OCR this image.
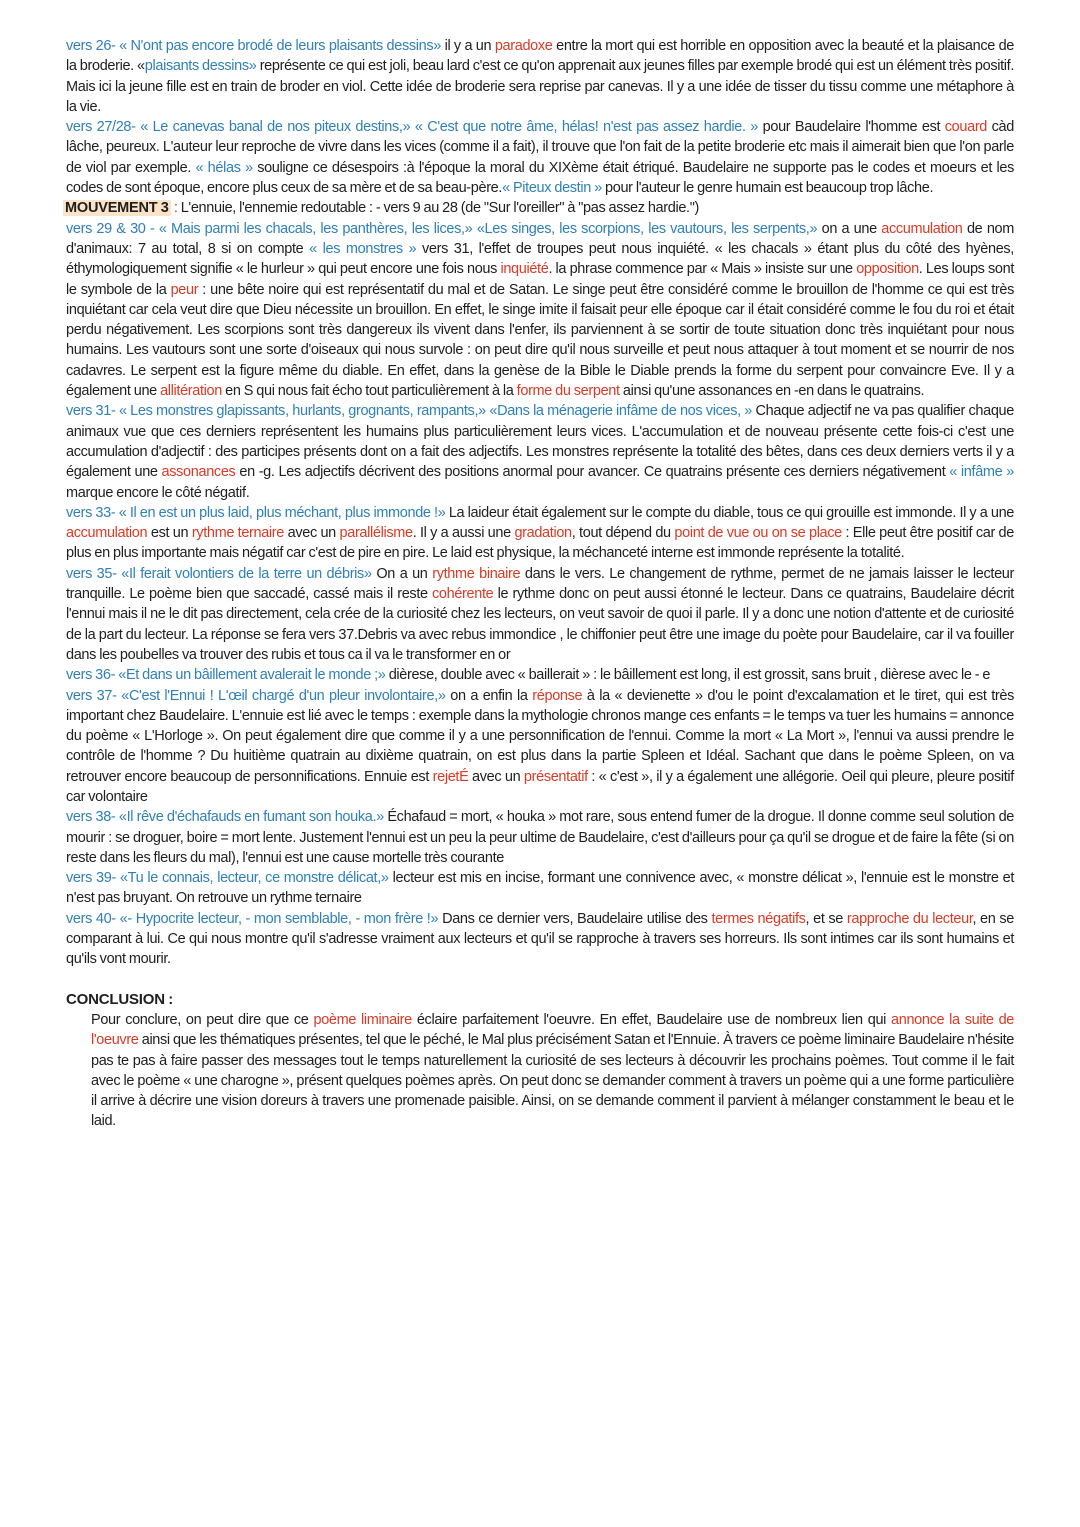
vers 26- « N'ont pas encore brodé de leurs plaisants dessins» il y a un paradoxe entre la mort qui est horrible en opposition avec la beauté et la plaisance de la broderie. «plaisants dessins» représente ce qui est joli, beau lard c'est ce qu'on apprenait aux jeunes filles par exemple brodé qui est un élément très positif. Mais ici la jeune fille est en train de broder en viol. Cette idée de broderie sera reprise par canevas. Il y a une idée de tisser du tissu comme une métaphore à la vie.

vers 27/28- « Le canevas banal de nos piteux destins,» « C'est que notre âme, hélas! n'est pas assez hardie. » pour Baudelaire l'homme est couard càd lâche, peureux. L'auteur leur reproche de vivre dans les vices (comme il a fait), il trouve que l'on fait de la petite broderie etc mais il aimerait bien que l'on parle de viol par exemple. « hélas » souligne ce désespoirs :à l'époque la moral du XIXème était étriqué. Baudelaire ne supporte pas le codes et moeurs et les codes de sont époque, encore plus ceux de sa mère et de sa beau-père.« Piteux destin » pour l'auteur le genre humain est beaucoup trop lâche.

MOUVEMENT 3 : L'ennuie, l'ennemie redoutable : - vers 9 au 28 (de "Sur l'oreiller" à "pas assez hardie.")

vers 29 & 30 - « Mais parmi les chacals, les panthères, les lices,» «Les singes, les scorpions, les vautours, les serpents,» on a une accumulation de nom d'animaux: 7 au total, 8 si on compte « les monstres » vers 31, l'effet de troupes peut nous inquiété. « les chacals » étant plus du côté des hyènes, éthymologiquement signifie « le hurleur » qui peut encore une fois nous inquiété. la phrase commence par « Mais » insiste sur une opposition. Les loups sont le symbole de la peur : une bête noire qui est représentatif du mal et de Satan. Le singe peut être considéré comme le brouillon de l'homme ce qui est très inquiétant car cela veut dire que Dieu nécessite un brouillon. En effet, le singe imite il faisait peur elle époque car il était considéré comme le fou du roi et était perdu négativement. Les scorpions sont très dangereux ils vivent dans l'enfer, ils parviennent à se sortir de toute situation donc très inquiétant pour nous humains. Les vautours sont une sorte d'oiseaux qui nous survole : on peut dire qu'il nous surveille et peut nous attaquer à tout moment et se nourrir de nos cadavres. Le serpent est la figure même du diable. En effet, dans la genèse de la Bible le Diable prends la forme du serpent pour convaincre Eve. Il y a également une allitération en S qui nous fait écho tout particulièrement à la forme du serpent ainsi qu'une assonances en -en dans le quatrains.

vers 31- « Les monstres glapissants, hurlants, grognants, rampants,» «Dans la ménagerie infâme de nos vices, » Chaque adjectif ne va pas qualifier chaque animaux vue que ces derniers représentent les humains plus particulièrement leurs vices. L'accumulation et de nouveau présente cette fois-ci c'est une accumulation d'adjectif : des participes présents dont on a fait des adjectifs. Les monstres représente la totalité des bêtes, dans ces deux derniers verts il y a également une assonances en -g. Les adjectifs décrivent des positions anormal pour avancer. Ce quatrains présente ces derniers négativement « infâme » marque encore le côté négatif.

vers 33- « Il en est un plus laid, plus méchant, plus immonde !» La laideur était également sur le compte du diable, tous ce qui grouille est immonde. Il y a une accumulation est un rythme ternaire avec un parallélisme. Il y a aussi une gradation, tout dépend du point de vue ou on se place : Elle peut être positif car de plus en plus importante mais négatif car c'est de pire en pire. Le laid est physique, la méchanceté interne est immonde représente la totalité.

vers 35- «Il ferait volontiers de la terre un débris» On a un rythme binaire dans le vers. Le changement de rythme, permet de ne jamais laisser le lecteur tranquille. Le poème bien que saccadé, cassé mais il reste cohérente le rythme donc on peut aussi étonné le lecteur. Dans ce quatrains, Baudelaire décrit l'ennui mais il ne le dit pas directement, cela crée de la curiosité chez les lecteurs, on veut savoir de quoi il parle. Il y a donc une notion d'attente et de curiosité de la part du lecteur. La réponse se fera vers 37.Debris va avec rebus immondice , le chiffonier peut être une image du poète pour Baudelaire, car il va fouiller dans les poubelles va trouver des rubis et tous ca il va le transformer en or

vers 36- «Et dans un bâillement avalerait le monde ;» dièrese, double avec « baillerait » : le bâillement est long, il est grossit, sans bruit , dièrese avec le - e

vers 37- «C'est l'Ennui ! L'œil chargé d'un pleur involontaire,» on a enfin la réponse à la « devienette » d'ou le point d'excalamation et le tiret, qui est très important chez Baudelaire. L'ennuie est lié avec le temps : exemple dans la mythologie chronos mange ces enfants = le temps va tuer les humains = annonce du poème « L'Horloge ». On peut également dire que comme il y a une personnification de l'ennui. Comme la mort « La Mort », l'ennui va aussi prendre le contrôle de l'homme ? Du huitième quatrain au dixième quatrain, on est plus dans la partie Spleen et Idéal. Sachant que dans le poème Spleen, on va retrouver encore beaucoup de personnifications. Ennuie est rejetÉ avec un présentatif : « c'est », il y a également une allégorie. Oeil qui pleure, pleure positif car volontaire

vers 38- «Il rêve d'échafauds en fumant son houka.» Échafaud = mort, « houka » mot rare, sous entend fumer de la drogue. Il donne comme seul solution de mourir : se droguer, boire = mort lente. Justement l'ennui est un peu la peur ultime de Baudelaire, c'est d'ailleurs pour ça qu'il se drogue et de faire la fête (si on reste dans les fleurs du mal), l'ennui est une cause mortelle très courante

vers 39- «Tu le connais, lecteur, ce monstre délicat,» lecteur est mis en incise, formant une connivence avec, « monstre délicat », l'ennuie est le monstre et n'est pas bruyant. On retrouve un rythme ternaire

vers 40- «- Hypocrite lecteur, - mon semblable, - mon frère !» Dans ce dernier vers, Baudelaire utilise des termes négatifs, et se rapproche du lecteur, en se comparant à lui. Ce qui nous montre qu'il s'adresse vraiment aux lecteurs et qu'il se rapproche à travers ses horreurs. Ils sont intimes car ils sont humains et qu'ils vont mourir.

CONCLUSION :

Pour conclure, on peut dire que ce poème liminaire éclaire parfaitement l'oeuvre. En effet, Baudelaire use de nombreux lien qui annonce la suite de l'oeuvre ainsi que les thématiques présentes, tel que le péché, le Mal plus précisément Satan et l'Ennuie. À travers ce poème liminaire Baudelaire n'hésite pas te pas à faire passer des messages tout le temps naturellement la curiosité de ses lecteurs à découvrir les prochains poèmes. Tout comme il le fait avec le poème « une charogne », présent quelques poèmes après. On peut donc se demander comment à travers un poème qui a une forme particulière il arrive à décrire une vision doreurs à travers une promenade paisible. Ainsi, on se demande comment il parvient à mélanger constamment le beau et le laid.
